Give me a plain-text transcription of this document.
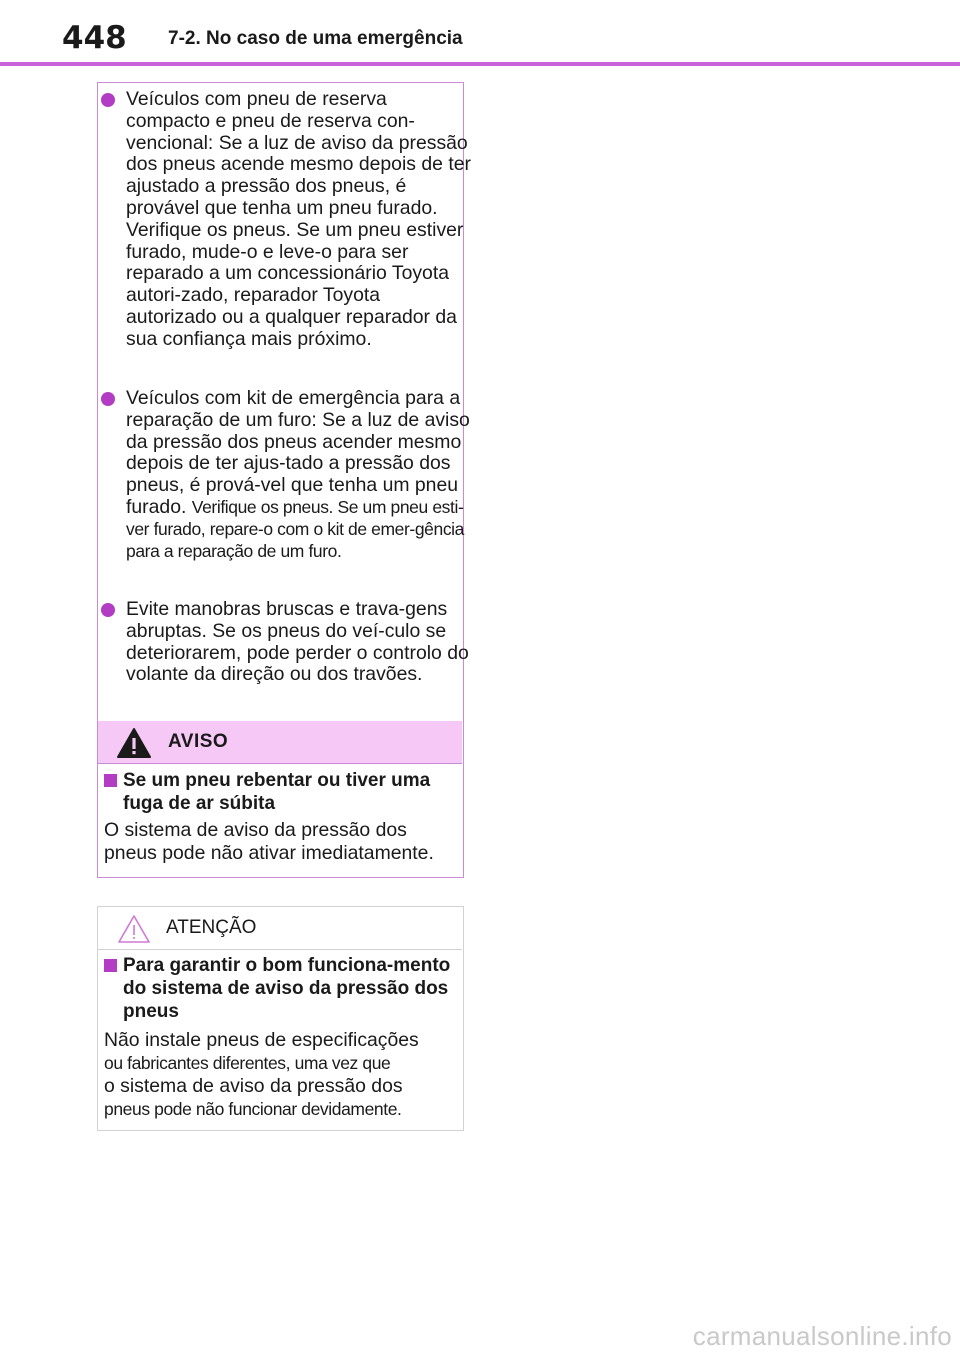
448 7-2. No caso de uma emergência
Veículos com pneu de reserva compacto e pneu de reserva con-vencional: Se a luz de aviso da pressão dos pneus acende mesmo depois de ter ajustado a pressão dos pneus, é provável que tenha um pneu furado. Verifique os pneus. Se um pneu estiver furado, mude-o e leve-o para ser reparado a um concessionário Toyota autori-zado, reparador Toyota autorizado ou a qualquer reparador da sua confiança mais próximo.
Veículos com kit de emergência para a reparação de um furo: Se a luz de aviso da pressão dos pneus acender mesmo depois de ter ajus-tado a pressão dos pneus, é prová-vel que tenha um pneu furado. Verifique os pneus. Se um pneu esti-ver furado, repare-o com o kit de emer-gência para a reparação de um furo.
Evite manobras bruscas e trava-gens abruptas. Se os pneus do veí-culo se deteriorarem, pode perder o controlo do volante da direção ou dos travões.
AVISO
Se um pneu rebentar ou tiver uma fuga de ar súbita
O sistema de aviso da pressão dos pneus pode não ativar imediatamente.
ATENÇÃO
Para garantir o bom funciona-mento do sistema de aviso da pressão dos pneus
Não instale pneus de especificações
ou fabricantes diferentes, uma vez que
o sistema de aviso da pressão dos
pneus pode não funcionar devidamente.
carmanualsonline.info
